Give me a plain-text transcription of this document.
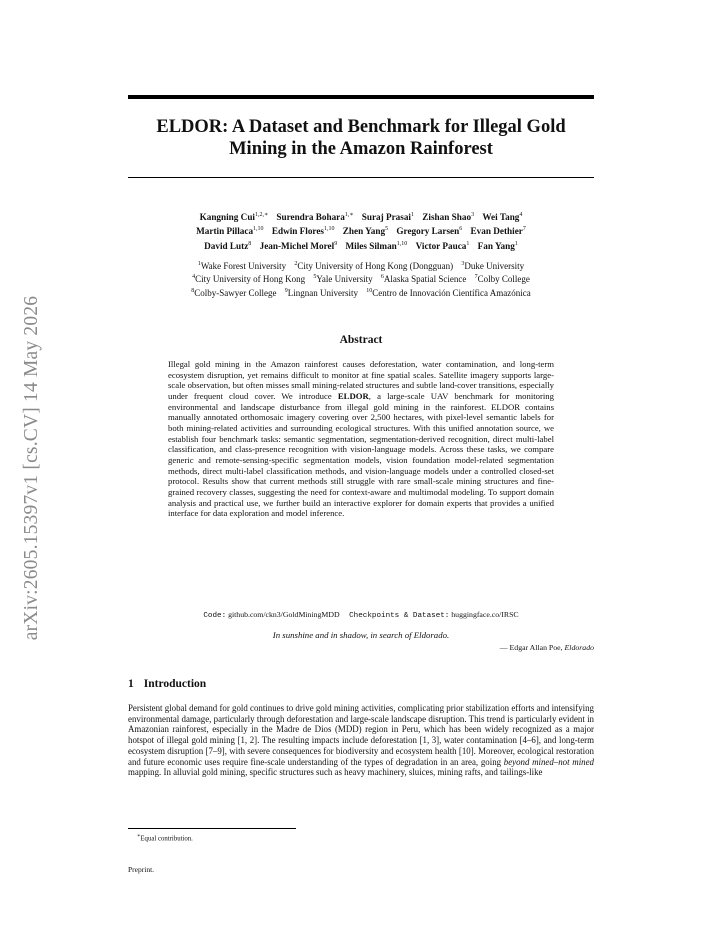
arXiv:2605.15397v1 [cs.CV] 14 May 2026
ELDOR: A Dataset and Benchmark for Illegal Gold
Mining in the Amazon Rainforest
Kangning Cui$^{1,2,∗}$ Surendra Bohara$^{1,∗}$ Suraj Prasai$^1$ Zishan Shao$^3$ Wei Tang$^4$
Martin Pillaca$^{1,10}$ Edwin Flores$^{1,10}$ Zhen Yang$^5$ Gregory Larsen$^6$ Evan Dethier$^7$
David Lutz$^8$ Jean-Michel Morel$^9$ Miles Silman$^{1,10}$ Victor Pauca$^1$ Fan Yang$^1$
$^1$Wake Forest University $^2$City University of Hong Kong (Dongguan) $^3$Duke University
$^4$City University of Hong Kong $^5$Yale University $^6$Alaska Spatial Science $^7$Colby College
$^8$Colby-Sawyer College $^9$Lingnan University $^{10}$Centro de Innovación Científica Amazónica
Abstract

Illegal gold mining in the Amazon rainforest causes deforestation, water contamination, and long-term ecosystem disruption, yet remains difficult to monitor at fine spatial scales. Satellite imagery supports large-scale observation, but often misses small mining-related structures and subtle land-cover transitions, especially under frequent cloud cover. We introduce ELDOR, a large-scale UAV benchmark for monitoring environmental and landscape disturbance from illegal gold mining in the rainforest. ELDOR contains manually annotated orthomosaic imagery covering over 2,500 hectares, with pixel-level semantic labels for both mining-related activities and surrounding ecological structures. With this unified annotation source, we establish four benchmark tasks: semantic segmentation, segmentation-derived recognition, direct multi-label classification, and class-presence recognition with vision-language models. Across these tasks, we compare generic and remote-sensing-specific segmentation models, vision foundation model-related segmentation methods, direct multi-label classification methods, and vision-language models under a controlled closed-set protocol. Results show that current methods still struggle with rare small-scale mining structures and fine-grained recovery classes, suggesting the need for context-aware and multimodal modeling. To support domain analysis and practical use, we further build an interactive explorer for domain experts that provides a unified interface for data exploration and model inference.

Code: github.com/ckn3/GoldMiningMDD Checkpoints & Dataset: huggingface.co/IRSC

In sunshine and in shadow, in search of Eldorado.

— Edgar Allan Poe, Eldorado

1 Introduction

Persistent global demand for gold continues to drive gold mining activities, complicating prior stabilization efforts and intensifying environmental damage, particularly through deforestation and large-scale landscape disruption. This trend is particularly evident in Amazonian rainforest, especially in the Madre de Dios (MDD) region in Peru, which has been widely recognized as a major hotspot of illegal gold mining [1, 2]. The resulting impacts include deforestation [1, 3], water contamination [4–6], and long-term ecosystem disruption [7–9], with severe consequences for biodiversity and ecosystem health [10]. Moreover, ecological restoration and future economic uses require fine-scale understanding of the types of degradation in an area, going beyond mined–not mined mapping. In alluvial gold mining, specific structures such as heavy machinery, sluices, mining rafts, and tailings-like

∗Equal contribution.

Preprint.
